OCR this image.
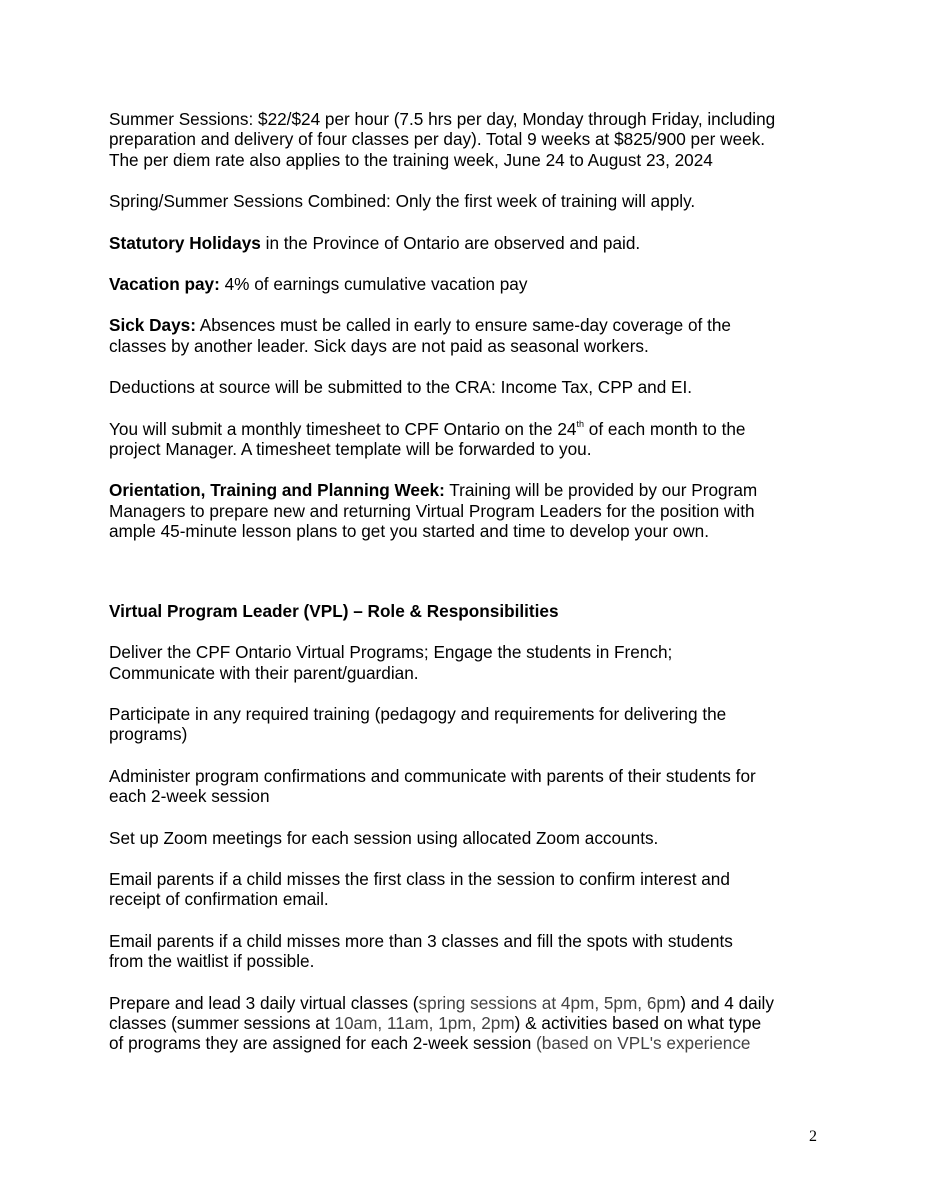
Summer Sessions: $22/$24 per hour (7.5 hrs per day, Monday through Friday, including
preparation and delivery of four classes per day). Total 9 weeks at $825/900 per week.
The per diem rate also applies to the training week, June 24 to August 23, 2024

Spring/Summer Sessions Combined: Only the first week of training will apply.

Statutory Holidays in the Province of Ontario are observed and paid.

Vacation pay: 4% of earnings cumulative vacation pay

Sick Days: Absences must be called in early to ensure same-day coverage of the
classes by another leader. Sick days are not paid as seasonal workers.

Deductions at source will be submitted to the CRA: Income Tax, CPP and EI.

You will submit a monthly timesheet to CPF Ontario on the 24th of each month to the
project Manager. A timesheet template will be forwarded to you.

Orientation, Training and Planning Week: Training will be provided by our Program
Managers to prepare new and returning Virtual Program Leaders for the position with
ample 45-minute lesson plans to get you started and time to develop your own.

Virtual Program Leader (VPL) – Role & Responsibilities

Deliver the CPF Ontario Virtual Programs; Engage the students in French;
Communicate with their parent/guardian.

Participate in any required training (pedagogy and requirements for delivering the
programs)

Administer program confirmations and communicate with parents of their students for
each 2-week session

Set up Zoom meetings for each session using allocated Zoom accounts.

Email parents if a child misses the first class in the session to confirm interest and
receipt of confirmation email.

Email parents if a child misses more than 3 classes and fill the spots with students
from the waitlist if possible.

Prepare and lead 3 daily virtual classes (spring sessions at 4pm, 5pm, 6pm) and 4 daily
classes (summer sessions at 10am, 11am, 1pm, 2pm) & activities based on what type
of programs they are assigned for each 2-week session (based on VPL's experience

2
